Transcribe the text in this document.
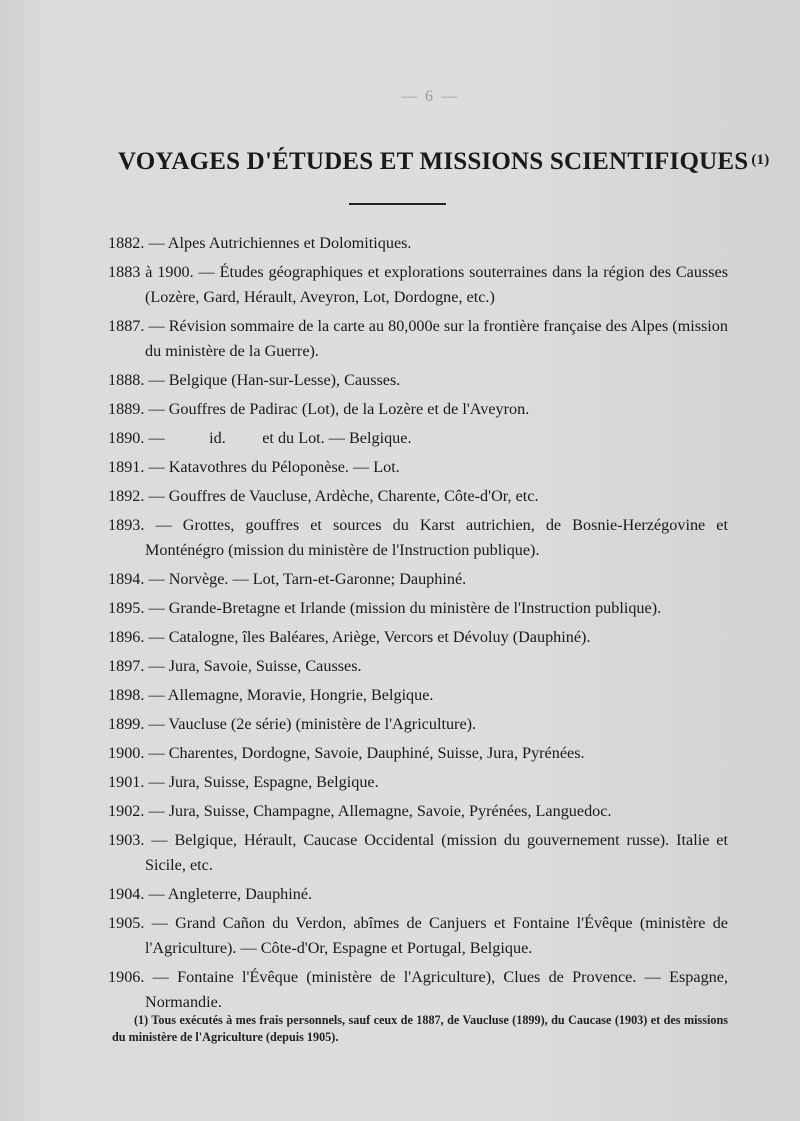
— 6 —
VOYAGES D'ÉTUDES ET MISSIONS SCIENTIFIQUES $^{(1)}$

1882. — Alpes Autrichiennes et Dolomitiques.

1883 à 1900. — Études géographiques et explorations souterraines dans la région des Causses (Lozère, Gard, Hérault, Aveyron, Lot, Dordogne, etc.)

1887. — Révision sommaire de la carte au 80,000e sur la frontière française des Alpes (mission du ministère de la Guerre).

1888. — Belgique (Han-sur-Lesse), Causses.

1889. — Gouffres de Padirac (Lot), de la Lozère et de l'Aveyron.

1890. —           id.         et du Lot. — Belgique.

1891. — Katavothres du Péloponèse. — Lot.

1892. — Gouffres de Vaucluse, Ardèche, Charente, Côte-d'Or, etc.

1893. — Grottes, gouffres et sources du Karst autrichien, de Bosnie-Herzégovine et Monténégro (mission du ministère de l'Instruction publique).

1894. — Norvège. — Lot, Tarn-et-Garonne; Dauphiné.

1895. — Grande-Bretagne et Irlande (mission du ministère de l'Instruction publique).

1896. — Catalogne, îles Baléares, Ariège, Vercors et Dévoluy (Dauphiné).

1897. — Jura, Savoie, Suisse, Causses.

1898. — Allemagne, Moravie, Hongrie, Belgique.

1899. — Vaucluse (2e série) (ministère de l'Agriculture).

1900. — Charentes, Dordogne, Savoie, Dauphiné, Suisse, Jura, Pyrénées.

1901. — Jura, Suisse, Espagne, Belgique.

1902. — Jura, Suisse, Champagne, Allemagne, Savoie, Pyrénées, Languedoc.

1903. — Belgique, Hérault, Caucase Occidental (mission du gouvernement russe). Italie et Sicile, etc.

1904. — Angleterre, Dauphiné.

1905. — Grand Cañon du Verdon, abîmes de Canjuers et Fontaine l'Évêque (ministère de l'Agriculture). — Côte-d'Or, Espagne et Portugal, Belgique.

1906. — Fontaine l'Évêque (ministère de l'Agriculture), Clues de Provence. — Espagne, Normandie.

(1) Tous exécutés à mes frais personnels, sauf ceux de 1887, de Vaucluse (1899), du Caucase (1903) et des missions du ministère de l'Agriculture (depuis 1905).
